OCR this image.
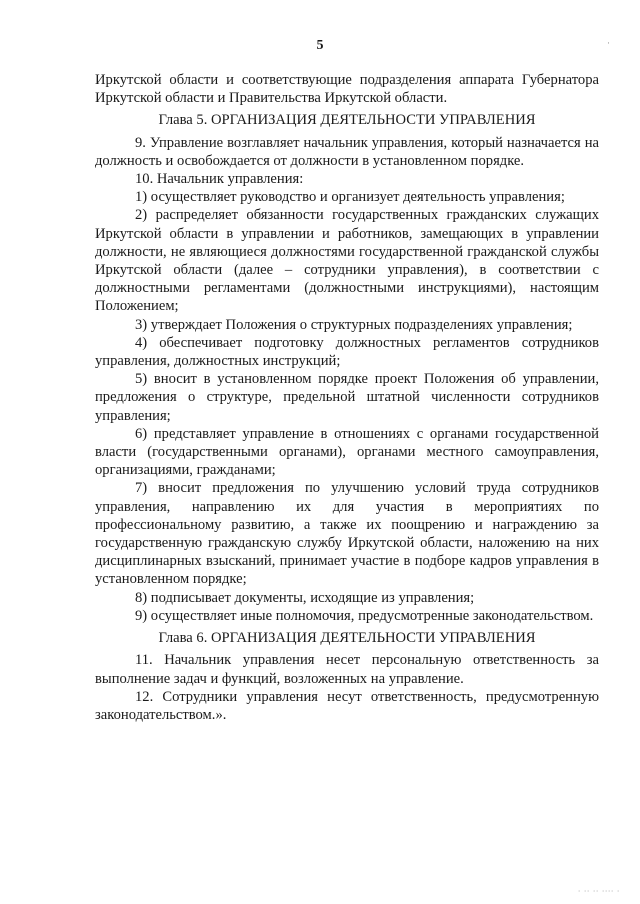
5	·

Иркутской области и соответствующие подразделения аппарата Губернатора Иркутской области и Правительства Иркутской области.

Глава 5. ОРГАНИЗАЦИЯ ДЕЯТЕЛЬНОСТИ УПРАВЛЕНИЯ

9. Управление возглавляет начальник управления, который назначается на должность и освобождается от должности в установленном порядке.

10. Начальник управления:

1) осуществляет руководство и организует деятельность управления;

2) распределяет обязанности государственных гражданских служащих Иркутской области в управлении и работников, замещающих в управлении должности, не являющиеся должностями государственной гражданской службы Иркутской области (далее – сотрудники управления), в соответствии с должностными регламентами (должностными инструкциями), настоящим Положением;

3) утверждает Положения о структурных подразделениях управления;

4) обеспечивает подготовку должностных регламентов сотрудников управления, должностных инструкций;

5) вносит в установленном порядке проект Положения об управлении, предложения о структуре, предельной штатной численности сотрудников управления;

6) представляет управление в отношениях с органами государственной власти (государственными органами), органами местного самоуправления, организациями, гражданами;

7) вносит предложения по улучшению условий труда сотрудников управления, направлению их для участия в мероприятиях по профессиональному развитию, а также их поощрению и награждению за государственную гражданскую службу Иркутской области, наложению на них дисциплинарных взысканий, принимает участие в подборе кадров управления в установленном порядке;

8) подписывает документы, исходящие из управления;

9) осуществляет иные полномочия, предусмотренные законодательством.

Глава 6. ОРГАНИЗАЦИЯ ДЕЯТЕЛЬНОСТИ УПРАВЛЕНИЯ

11. Начальник управления несет персональную ответственность за выполнение задач и функций, возложенных на управление.

12. Сотрудники управления несут ответственность, предусмотренную законодательством.».

· ·· ·· ···· ·
